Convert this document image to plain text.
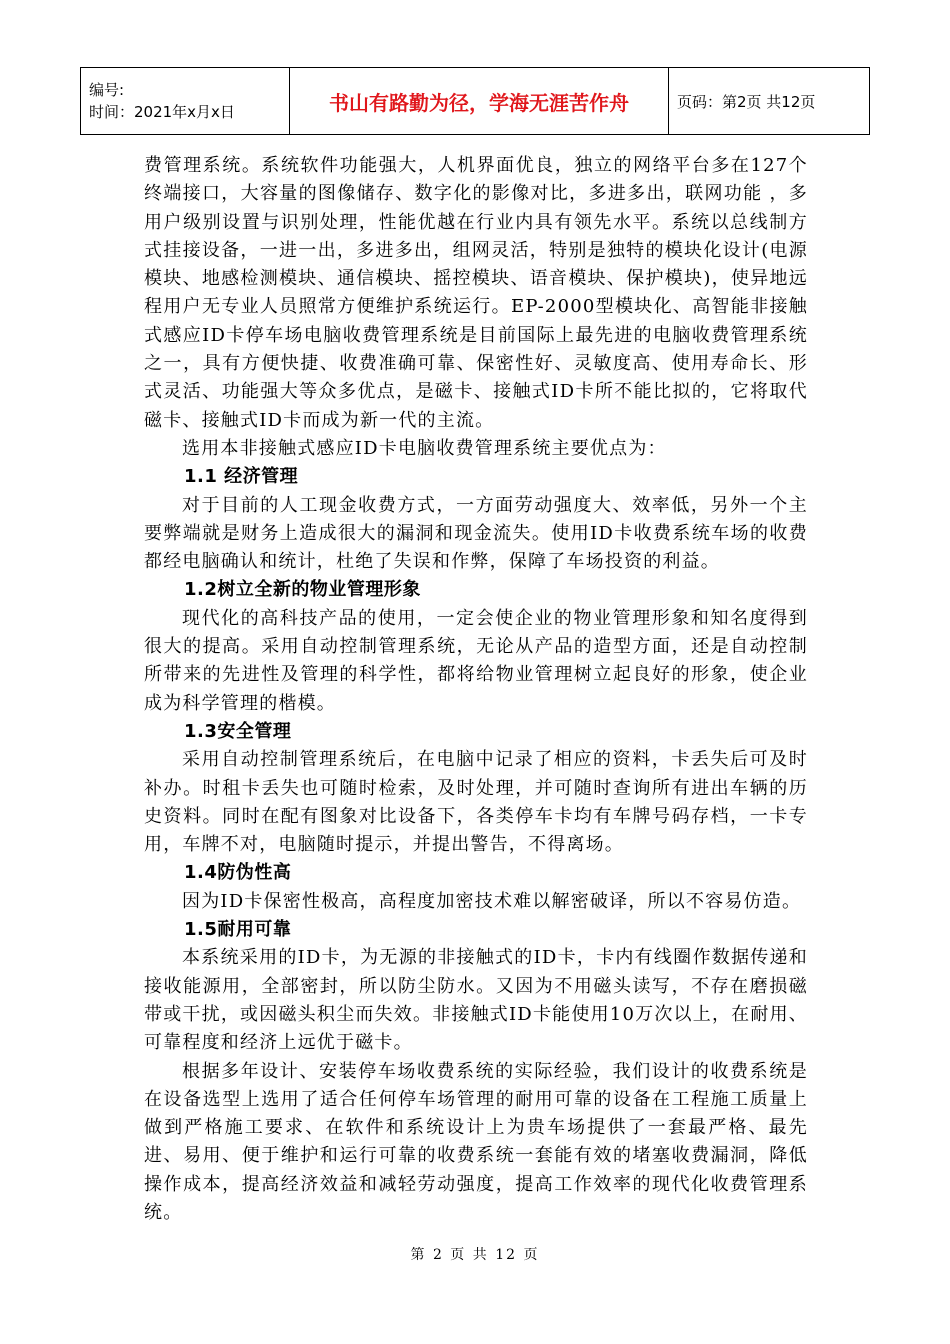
编号:
时间：2021年x月x日	书山有路勤为径，学海无涯苦作舟	页码：第2页 共12页

费管理系统。系统软件功能强大，人机界面优良，独立的网络平台多在127个终端接口，大容量的图像储存、数字化的影像对比，多进多出，联网功能 ，多用户级别设置与识别处理，性能优越在行业内具有领先水平。系统以总线制方式挂接设备，一进一出，多进多出，组网灵活，特别是独特的模块化设计(电源模块、地感检测模块、通信模块、摇控模块、语音模块、保护模块)，使异地远程用户无专业人员照常方便维护系统运行。EP-2000型模块化、高智能非接触式感应ID卡停车场电脑收费管理系统是目前国际上最先进的电脑收费管理系统之一，具有方便快捷、收费准确可靠、保密性好、灵敏度高、使用寿命长、形式灵活、功能强大等众多优点，是磁卡、接触式ID卡所不能比拟的，它将取代磁卡、接触式ID卡而成为新一代的主流。

选用本非接触式感应ID卡电脑收费管理系统主要优点为：

1.1 经济管理

对于目前的人工现金收费方式，一方面劳动强度大、效率低，另外一个主要弊端就是财务上造成很大的漏洞和现金流失。使用ID卡收费系统车场的收费都经电脑确认和统计，杜绝了失误和作弊，保障了车场投资的利益。

1.2树立全新的物业管理形象

现代化的高科技产品的使用，一定会使企业的物业管理形象和知名度得到很大的提高。采用自动控制管理系统，无论从产品的造型方面，还是自动控制所带来的先进性及管理的科学性，都将给物业管理树立起良好的形象，使企业成为科学管理的楷模。

1.3安全管理

采用自动控制管理系统后，在电脑中记录了相应的资料，卡丢失后可及时补办。时租卡丢失也可随时检索，及时处理，并可随时查询所有进出车辆的历史资料。同时在配有图象对比设备下，各类停车卡均有车牌号码存档，一卡专用，车牌不对，电脑随时提示，并提出警告，不得离场。

1.4防伪性高

因为ID卡保密性极高，高程度加密技术难以解密破译，所以不容易仿造。

1.5耐用可靠

本系统采用的ID卡，为无源的非接触式的ID卡，卡内有线圈作数据传递和接收能源用，全部密封，所以防尘防水。又因为不用磁头读写，不存在磨损磁带或干扰，或因磁头积尘而失效。非接触式ID卡能使用10万次以上，在耐用、可靠程度和经济上远优于磁卡。

根据多年设计、安装停车场收费系统的实际经验，我们设计的收费系统是在设备选型上选用了适合任何停车场管理的耐用可靠的设备在工程施工质量上做到严格施工要求、在软件和系统设计上为贵车场提供了一套最严格、最先进、易用、便于维护和运行可靠的收费系统一套能有效的堵塞收费漏洞，降低操作成本，提高经济效益和减轻劳动强度，提高工作效率的现代化收费管理系统。

第 2 页 共 12 页
